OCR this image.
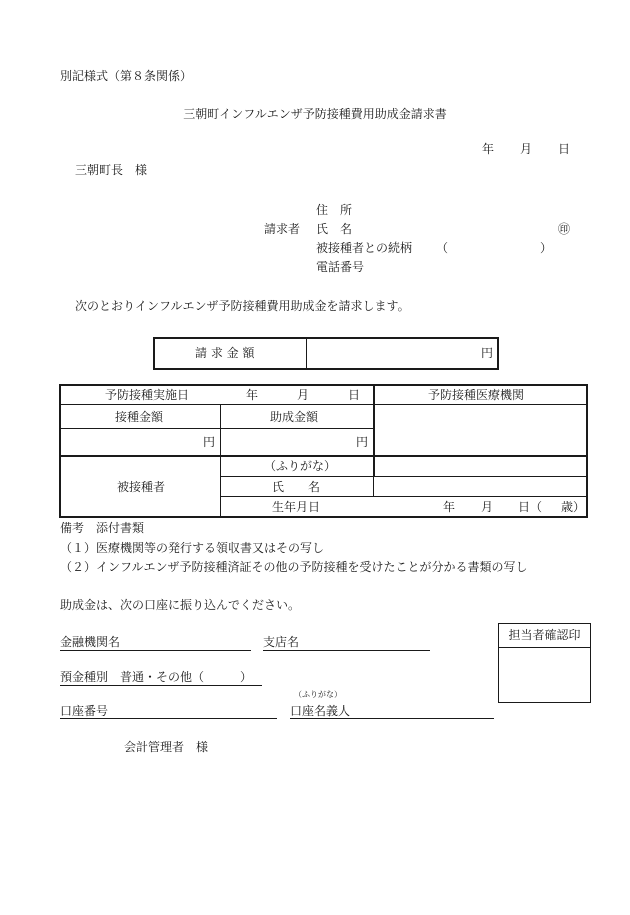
別記様式（第８条関係）
三朝町インフルエンザ予防接種費用助成金請求書
年 月 日
三朝町長　様
住　所
請求者 氏　名	㊞
被接種者との続柄 （	）
電話番号
次のとおりインフルエンザ予防接種費用助成金を請求します。
請 求 金 額	円
予防接種実施日	年	月	日	予防接種医療機関
接種金額	助成金額
円	円
被接種者
（ふりがな）
氏　　名
生年月日	年 月 日 （ 歳）
備考　添付書類
（１）医療機関等の発行する領収書又はその写し
（２）インフルエンザ予防接種済証その他の予防接種を受けたことが分かる書類の写し
助成金は、次の口座に振り込んでください。
担当者確認印
金融機関名	支店名
預金種別　普通・その他（　　　）
（ふりがな）
口座番号	口座名義人
会計管理者　様
